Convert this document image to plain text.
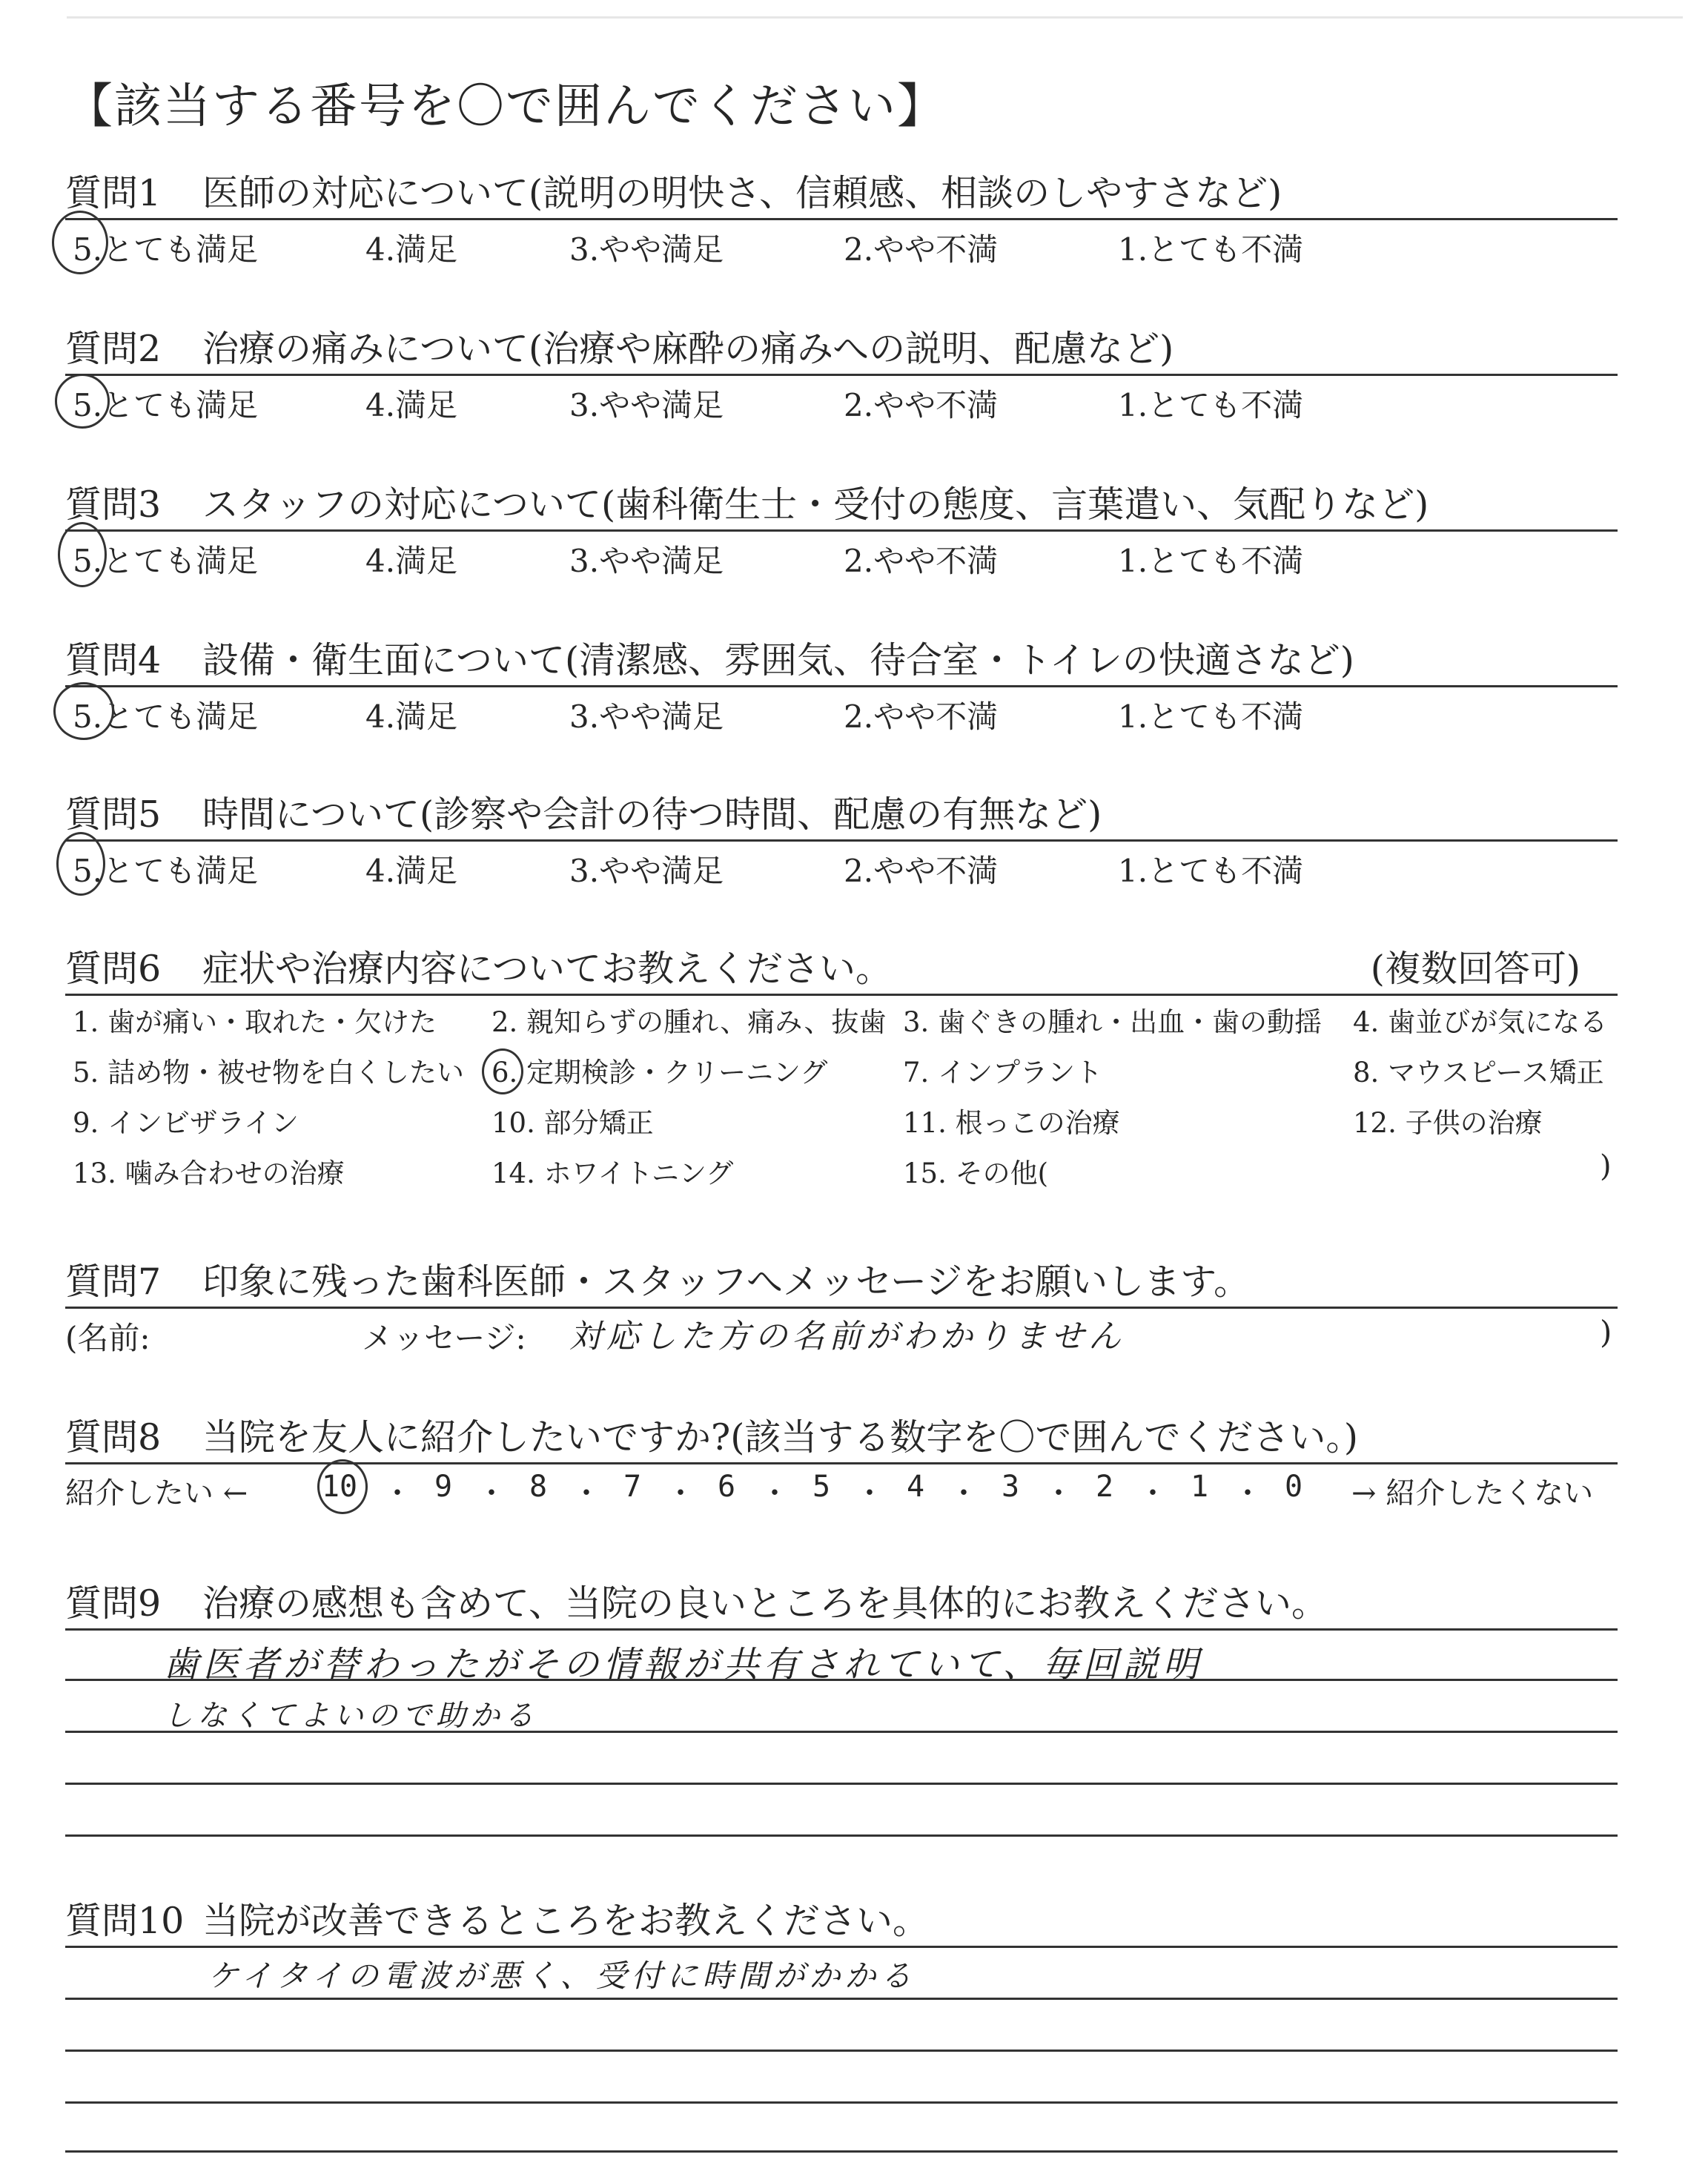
【該当する番号を〇で囲んでください】
質問1 医師の対応について(説明の明快さ、信頼感、相談のしやすさなど)
5.とても満足	4.満足	3.やや満足	2.やや不満	1.とても不満
質問2 治療の痛みについて(治療や麻酔の痛みへの説明、配慮など)
5.とても満足	4.満足	3.やや満足	2.やや不満	1.とても不満
質問3 スタッフの対応について(歯科衛生士・受付の態度、言葉遣い、気配りなど)
5.とても満足	4.満足	3.やや満足	2.やや不満	1.とても不満
質問4 設備・衛生面について(清潔感、雰囲気、待合室・トイレの快適さなど)
5.とても満足	4.満足	3.やや満足	2.やや不満	1.とても不満
質問5 時間について(診察や会計の待つ時間、配慮の有無など)
5.とても満足	4.満足	3.やや満足	2.やや不満	1.とても不満
質問6 症状や治療内容についてお教えください。	(複数回答可)
1. 歯が痛い・取れた・欠けた 2. 親知らずの腫れ、痛み、抜歯 3. 歯ぐきの腫れ・出血・歯の動揺 4. 歯並びが気になる
5. 詰め物・被せ物を白くしたい 6. 定期検診・クリーニング	7. インプラント	8. マウスピース矯正
9. インビザライン	10. 部分矯正	11. 根っこの治療	12. 子供の治療
13. 噛み合わせの治療	14. ホワイトニング	15. その他(	)
質問7 印象に残った歯科医師・スタッフへメッセージをお願いします。
(名前:	メッセージ: 対応した方の名前がわかりません	)
質問8 当院を友人に紹介したいですか?(該当する数字を〇で囲んでください。)
紹介したい ← 10 ・ 9 ・ 8 ・ 7 ・ 6 ・ 5 ・ 4 ・ 3 ・ 2 ・ 1 ・ 0	→ 紹介したくない
質問9 治療の感想も含めて、当院の良いところを具体的にお教えください。
歯医者が替わったがその情報が共有されていて、毎回説明
しなくてよいので助かる
質問10 当院が改善できるところをお教えください。
ケイタイの電波が悪く、受付に時間がかかる
